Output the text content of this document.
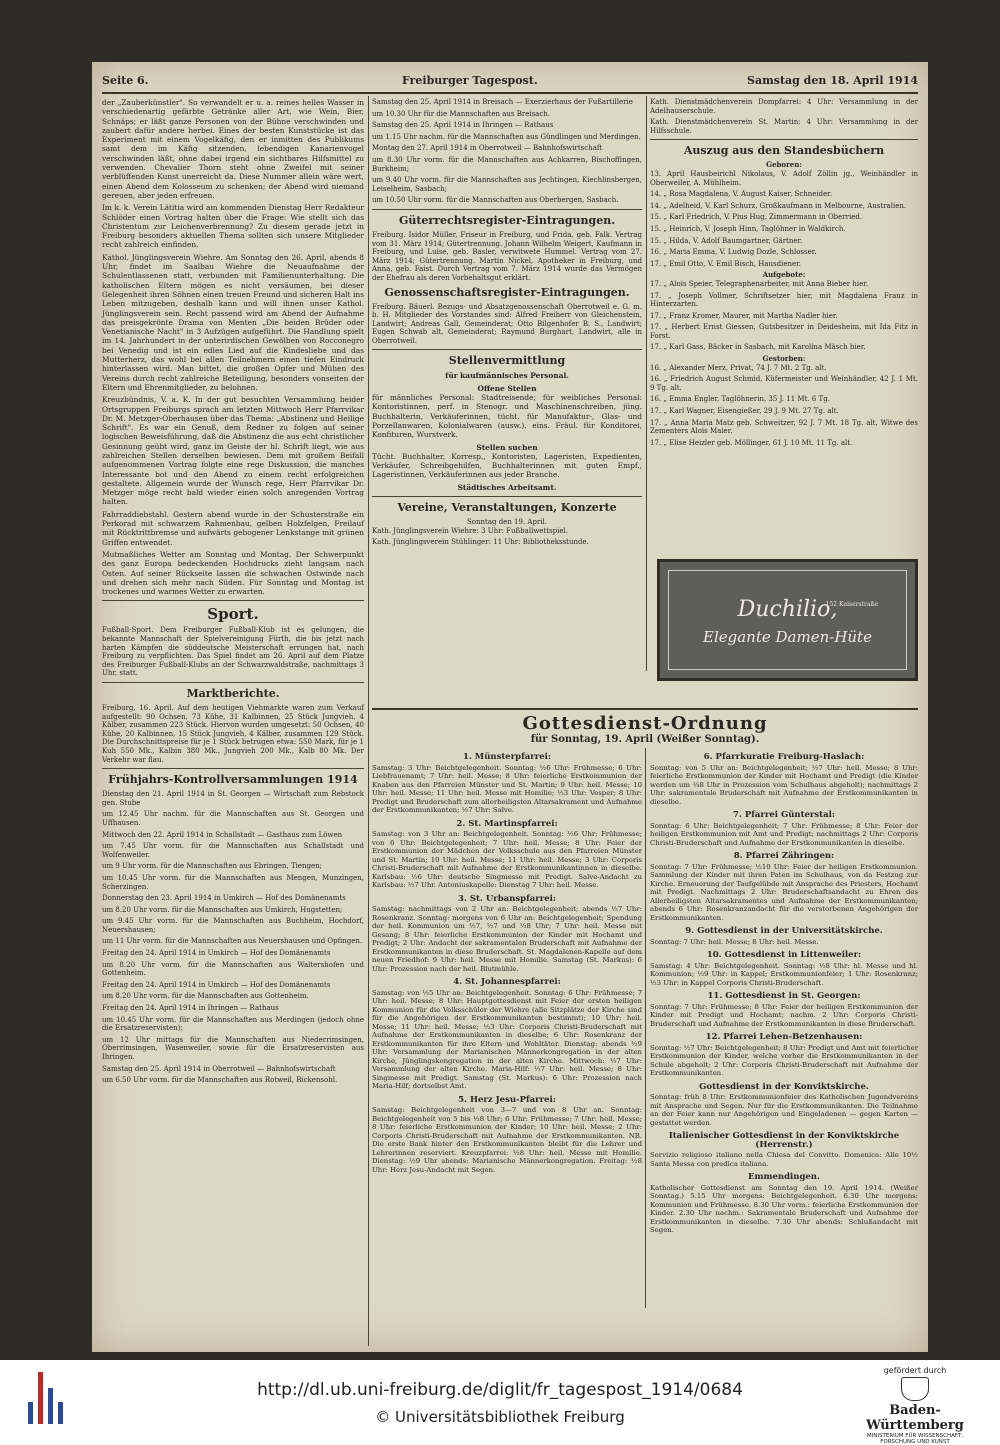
Seite 6.	Freiburger Tagespost.	Samstag den 18. April 1914

der „Zauberkünstler". So verwandelt er u. a. reines helles Wasser in verschiedenartig gefärbte Getränke aller Art, wie Wein, Bier, Schnäps; er läßt ganze Personen von der Bühne verschwinden und zaubert dafür andere herbei. Eines der besten Kunststücke ist das Experiment mit einem Vogelkäfig, den er inmitten des Publikums samt dem im Käfig sitzenden, lebendigen Kanarienvogel verschwinden läßt, ohne dabei irgend ein sichtbares Hilfsmittel zu verwenden. Chevalier Thorn steht ohne Zweifel mit seiner verblüffenden Kunst unerreicht da. Diese Nummer allein wäre wert, einen Abend dem Kolosseum zu schenken; der Abend wird niemand gereuen, aber jeden erfreuen.

Im k. k. Verein Lätitia wird am kommenden Dienstag Herr Redakteur Schlöder einen Vortrag halten über die Frage: Wie stellt sich das Christentum zur Leichenverbrennung? Zu diesem gerade jetzt in Freiburg besonders aktuellen Thema sollten sich unsere Mitglieder recht zahlreich einfinden.

Kathol. Jünglingsverein Wiehre. Am Sonntag den 26. April, abends 8 Uhr, findet im Saalbau Wiehre die Neuaufnahme der Schulentlassenen statt, verbunden mit Familienunterhaltung. Die katholischen Eltern mögen es nicht versäumen, bei dieser Gelegenheit ihren Söhnen einen treuen Freund und sicheren Halt ins Leben mitzugeben, deshalb kann und will ihnen unser Kathol. Jünglingsverein sein. Recht passend wird am Abend der Aufnahme das preisgekrönte Drama von Menten „Die beiden Brüder oder Venetianische Nacht" in 3 Aufzügen aufgeführt. Die Handlung spielt im 14. Jahrhundert in der unterirdischen Gewölben von Rocconegro bei Venedig und ist ein edles Lied auf die Kindesliebe und das Mutterherz, das wohl bei allen Teilnehmern einen tiefen Eindruck hinterlassen wird. Man bittet, die großen Opfer und Mühen des Vereins durch recht zahlreiche Beteiligung, besonders vonseiten der Eltern und Ehrenmitglieder, zu belohnen.

Kreuzbündnis, V. a. K. In der gut besuchten Versammlung beider Ortsgruppen Freiburgs sprach am letzten Mittwoch Herr Pfarrvikar Dr. M. Metzger-Oberhausen über das Thema: „Abstinenz und Heilige Schrift". Es war ein Genuß, dem Redner zu folgen auf seiner logischen Beweisführung, daß die Abstinenz die aus echt christlicher Gesinnung geübt wird, ganz im Geiste der hl. Schrift liegt, wie aus zahlreichen Stellen derselben bewiesen. Dem mit großem Beifall aufgenommenen Vortrag folgte eine rege Diskussion, die manches Interessante bot und den Abend zu einem recht erfolgreichen gestaltete. Allgemein wurde der Wunsch rege, Herr Pfarrvikar Dr. Metzger möge recht bald wieder einen solch anregenden Vortrag halten.

Fahrraddiebstahl. Gestern abend wurde in der Schusterstraße ein Perkorad mit schwarzem Rahmenbau, gelben Holzfelgen, Freilauf mit Rücktrittbremse und aufwärts gebogener Lenkstange mit grünen Griffen entwendet.

Mutmaßliches Wetter am Sonntag und Montag. Der Schwerpunkt des ganz Europa bedeckenden Hochdrucks zieht langsam nach Osten. Auf seiner Rückseite lassen die schwachen Ostwinde nach und drehen sich mehr nach Süden. Für Sonntag und Montag ist trockenes und warmes Wetter zu erwarten.

Sport.

Fußball-Sport. Dem Freiburger Fußball-Klub ist es gelungen, die bekannte Mannschaft der Spielvereinigung Fürth, die bis jetzt nach harten Kämpfen die süddeutsche Meisterschaft errungen hat, nach Freiburg zu verpflichten. Das Spiel findet am 26. April auf dem Platze des Freiburger Fußball-Klubs an der Schwarzwaldstraße, nachmittags 3 Uhr, statt.

Marktberichte.

Freiburg, 16. April. Auf dem heutigen Viehmarkte waren zum Verkauf aufgestellt: 90 Ochsen, 73 Kühe, 31 Kalbinnen, 25 Stück Jungvieh, 4 Kälber, zusammen 223 Stück. Hiervon wurden umgesetzt: 50 Ochsen, 40 Kühe, 20 Kalbinnen, 15 Stück Jungvieh, 4 Kälber, zusammen 129 Stück. Die Durchschnittspreise für je 1 Stück betrugen etwa: 550 Mark, für je 1 Kuh 550 Mk., Kalbin 380 Mk., Jungvieh 200 Mk., Kalb 80 Mk. Der Verkehr war flau.

Frühjahrs-Kontrollversammlungen 1914

Dienstag den 21. April 1914 in St. Georgen — Wirtschaft zum Rebstock gen. Stube

um 12.45 Uhr nachm. für die Mannschaften aus St. Georgen und Uffhausen.

Mittwoch den 22. April 1914 in Schallstadt — Gasthaus zum Löwen

um 7.45 Uhr vorm. für die Mannschaften aus Schallstadt und Wolfenweiler.

um 9 Uhr vorm. für die Mannschaften aus Ebringen, Tiengen;

um 10.45 Uhr vorm. für die Mannschaften aus Mengen, Munzingen, Scherzingen.

Donnerstag den 23. April 1914 in Umkirch — Hof des Domänenamts

um 8.20 Uhr vorm. für die Mannschaften aus Umkirch, Hugstetten;

um 9.45 Uhr vorm. für die Mannschaften aus Buchheim, Hochdorf, Neuershausen;

um 11 Uhr vorm. für die Mannschaften aus Neuershausen und Opfingen.

Freitag den 24. April 1914 in Umkirch — Hof des Domänenamts

um 8.20 Uhr vorm. für die Mannschaften aus Waltershofen und Gottenheim.

Freitag den 24. April 1914 in Umkirch — Hof des Domänenamts

um 8.20 Uhr vorm. für die Mannschaften aus Gottenheim.

Freitag den 24. April 1914 in Ihringen — Rathaus

um 10.45 Uhr vorm. für die Mannschaften aus Merdingen (jedoch ohne die Ersatzreservisten);

um 12 Uhr mittags für die Mannschaften aus Niederrimsingen, Oberrimsingen, Wasenweiler, sowie für die Ersatzreservisten aus Ihringen.

Samstag den 25. April 1914 in Oberrotweil — Bahnhofswirtschaft

um 6.50 Uhr vorm. für die Mannschaften aus Rotweil, Bickensohl.

Samstag den 25. April 1914 in Breisach — Exerzierhaus der Fußartillerie

um 10.30 Uhr für die Mannschaften aus Breisach.

Samstag den 25. April 1914 in Ihringen — Rathaus

um 1.15 Uhr nachm. für die Mannschaften aus Gündlingen und Merdingen.

Montag den 27. April 1914 in Oberrotweil — Bahnhofswirtschaft

um 8.30 Uhr vorm. für die Mannschaften aus Achkarren, Bischoffingen, Burkheim;

um 9.40 Uhr vorm. für die Mannschaften aus Jechtingen, Kiechlinsbergen, Leiselheim, Sasbach;

um 10.50 Uhr vorm. für die Mannschaften aus Oberbergen, Sasbach.

Güterrechtsregister-Eintragungen.

Freiburg. Isidor Müller, Friseur in Freiburg, und Frida, geb. Falk. Vertrag vom 31. März 1914; Gütertrennung. Johann Wilhelm Weigert, Kaufmann in Freiburg, und Luise, geb. Basler, verwitwete Hummel. Vertrag vom 27. März 1914; Gütertrennung. Martin Nickel, Apotheker in Freiburg, und Anna, geb. Faist. Durch Vertrag vom 7. März 1914 wurde das Vermögen der Ehefrau als deren Vorbehaltsgut erklärt.

Genossenschaftsregister-Eintragungen.

Freiburg. Bäuerl. Bezugs- und Absatzgenossenschaft Oberrotweil e. G. m. b. H. Mitglieder des Vorstandes sind: Alfred Freiherr von Gleichenstein, Landwirt; Andreas Gall, Gemeinderat; Otto Bilgenhofer B. S., Landwirt; Eugen Schwab alt, Gemeinderat; Raymund Burghart, Landwirt, alle in Oberrotweil.

Stellenvermittlung
für kaufmännisches Personal.
Offene Stellen

für männliches Personal: Stadtreisende; für weibliches Personal: Kontoristinnen, perf. in Stenogr. und Maschinenschreiben, jüng. Buchhalterin, Verkäuferinnen, tücht. für Manufaktur-, Glas- und Porzellanwaren, Kolonialwaren (ausw.), eins. Fräul. für Konditorei, Konfituren, Wurstverk.

Stellen suchen

Tücht. Buchhalter, Korresp., Kontoristen, Lageristen, Expedienten, Verkäufer, Schreibgehilfen, Buchhalterinnen mit guten Empf., Lageristinnen, Verkäuferinnen aus jeder Branche.

Städtisches Arbeitsamt.
Vereine, Veranstaltungen, Konzerte
Sonntag den 19. April.

Kath. Jünglingsverein Wiehre: 3 Uhr: Fußballwettspiel.

Kath. Jünglingsverein Stühlinger: 11 Uhr: Bibliotheksstunde.

Kath. Dienstmädchenverein Dompfarrei: 4 Uhr: Versammlung in der Adelhauserschule.

Kath. Dienstmädchenverein St. Martin: 4 Uhr: Versammlung in der Hilfsschule.

Auszug aus den Standesbüchern
Geboren:

13. April Hausbeirichl Nikolaus, V. Adolf Zöllin jg., Weinhändler in Oberweiler, A. Mühlheim.

14. „ Rosa Magdalena, V. August Kaiser, Schneider.

14. „ Adelheid, V. Karl Schurz, Großkaufmann in Melbourne, Australien.

15. „ Karl Friedrich, V. Pius Hug, Zimmermann in Oberried.

15. „ Heinrich, V. Joseph Hinn, Taglöhner in Waldkirch.

15. „ Hilda, V. Adolf Baumgartner, Gärtner.

16. „ Maria Emma, V. Ludwig Dozle, Schlosser.

17. „ Emil Otto, V. Emil Bisch, Hausdiener.

Aufgebote:

17. „ Alois Speier, Telegraphenarbeiter, mit Anna Bieber hier.

17. „ Joseph Vollmer, Schriftsetzer hier, mit Magdalena Franz in Hinterzarten.

17. „ Franz Kromer, Maurer, mit Martha Nadler hier.

17. „ Herbert Ernst Giessen, Gutsbesitzer in Deidesheim, mit Ida Fitz in Forst.

17. „ Karl Gass, Bäcker in Sasbach, mit Karolina Mäsch hier.

Gestorben:

16. „ Alexander Merz, Privat, 74 J. 7 Mt. 2 Tg. alt.

16. „ Friedrich August Schmid, Küfermeister und Weinhändler, 42 J. 1 Mt. 9 Tg. alt.

16. „ Emma Engler, Taglöhnerin, 35 J. 11 Mt. 6 Tg.

17. „ Karl Wagner, Eisengießer, 29 J. 9 Mt. 27 Tg. alt.

17. „ Anna Maria Matz geb. Schweitzer, 92 J. 7 Mt. 18 Tg. alt, Witwe des Zementers Alois Maier.

17. „ Elise Heizler geb. Möllinger, 61 J. 10 Mt. 11 Tg. alt.

152 Kaiserstraße
Duchilio,
Elegante Damen-Hüte
Gottesdienst-Ordnung
für Sonntag, 19. April (Weißer Sonntag).
1. Münsterpfarrei:

Samstag: 3 Uhr: Beichtgelegenheit. Sonntag: ½6 Uhr: Frühmesse; 6 Uhr: Liebfrauenamt; 7 Uhr: heil. Messe; 8 Uhr: feierliche Erstkommunion der Knaben aus den Pfarreien Münster und St. Martin; 9 Uhr: heil. Messe; 10 Uhr: heil. Messe; 11 Uhr: heil. Messe mit Homilie; ½3 Uhr: Vesper; 8 Uhr: Predigt und Bruderschaft zum allerheiligsten Altarsakrament und Aufnahme der Erstkommunikanten; ½7 Uhr: Salve.

2. St. Martinspfarrei:

Samstag: von 3 Uhr an: Beichtgelegenheit. Sonntag: ½6 Uhr: Frühmesse; von 6 Uhr: Beichtgelegenheit; 7 Uhr: heil. Messe; 8 Uhr: Feier der Erstkommunion der Mädchen der Volksschule aus den Pfarreien Münster und St. Martin; 10 Uhr: heil. Messe; 11 Uhr: heil. Messe; 3 Uhr: Corporis Christi-Bruderschaft mit Aufnahme der Erstkommunikantinnen in dieselbe. Karlsbau: ½6 Uhr: deutsche Singmesse mit Predigt. Salve-Andacht zu Karlsbau: ½7 Uhr. Antoniuskapelle: Dienstag 7 Uhr: heil. Messe.

3. St. Urbanspfarrei:

Samstag: nachmittags von 2 Uhr an: Beichtgelegenheit; abends ½7 Uhr: Rosenkranz. Sonntag: morgens von 6 Uhr an: Beichtgelegenheit; Spendung der heil. Kommunion um ½7, ½7 und ½8 Uhr; 7 Uhr: heil. Messe mit Gesang; 8 Uhr: feierliche Erstkommunion der Kinder mit Hochamt und Predigt; 2 Uhr: Andacht der sakramentalen Bruderschaft mit Aufnahme der Erstkommunikanten in diese Bruderschaft. St. Magdalenen-Kapelle auf dem neuen Friedhof: 9 Uhr: heil. Messe mit Homilie. Samstag (St. Markus): 6 Uhr: Prozession nach der heil. Blutmühle.

4. St. Johannespfarrei:

Samstag: von ½5 Uhr an: Beichtgelegenheit. Sonntag: 6 Uhr: Frühmesse; 7 Uhr: heil. Messe; 8 Uhr: Hauptgottesdienst mit Feier der ersten heiligen Kommunion für die Volksschüler der Wiehre (alle Sitzplätze der Kirche sind für die Angehörigen der Erstkommunikanten bestimmt); 10 Uhr: heil. Messe; 11 Uhr: heil. Messe; ½3 Uhr: Corporis Christi-Bruderschaft mit Aufnahme der Erstkommunikanten in dieselbe; 6 Uhr: Rosenkranz der Erstkommunikanten für ihre Eltern und Wohltäter. Dienstag: abends ½9 Uhr: Versammlung der Marianischen Männerkongregation in der alten Kirche, Jünglingskongregation in der alten Kirche. Mittwoch: ½7 Uhr: Versammlung der alten Kirche. Maria-Hilf: ½7 Uhr: heil. Messe; 8 Uhr: Singmesse mit Predigt. Samstag (St. Markus): 6 Uhr: Prozession nach Maria-Hilf; dortselbst Amt.

5. Herz Jesu-Pfarrei:

Samstag: Beichtgelegenheit von 3—7 und von 8 Uhr an. Sonntag: Beichtgelegenheit von 5 bis ½8 Uhr; 6 Uhr: Frühmesse; 7 Uhr: heil. Messe; 8 Uhr: feierliche Erstkommunion der Kinder; 10 Uhr: heil. Messe; 2 Uhr: Corporis Christi-Bruderschaft mit Aufnahme der Erstkommunikanten. NB. Die erste Bank hinter den Erstkommunikanten bleibt für die Lehrer und Lehrerinnen reserviert. Kreuzpfarrei: ½8 Uhr: heil. Messe mit Homilie. Dienstag: ½9 Uhr abends: Marianische Männerkongregation. Freitag: ½8 Uhr: Herz Jesu-Andacht mit Segen.

6. Pfarrkuratie Freiburg-Haslach:

Sonntag: von 5 Uhr an: Beichtgelegenheit; ½7 Uhr: heil. Messe; 8 Uhr: feierliche Erstkommunion der Kinder mit Hochamt und Predigt (die Kinder werden um ¼8 Uhr in Prozession vom Schulhaus abgeholt); nachmittags 2 Uhr: sakramentale Bruderschaft mit Aufnahme der Erstkommunikanten in dieselbe.

7. Pfarrei Günterstal:

Sonntag: 6 Uhr: Beichtgelegenheit; 7 Uhr: Frühmesse; 8 Uhr: Feier der heiligen Erstkommunion mit Amt und Predigt; nachmittags 2 Uhr: Corporis Christi-Bruderschaft und Aufnahme der Erstkommunikanten in dieselbe.

8. Pfarrei Zähringen:

Sonntag: 7 Uhr: Frühmesse; ½10 Uhr: Feier der heiligen Erstkommunion. Sammlung der Kinder mit ihren Paten im Schulhaus, von da Festzug zur Kirche. Erneuerung der Taufgelübde mit Ansprache des Priesters, Hochamt mit Predigt. Nachmittags 2 Uhr: Bruderschaftsandacht zu Ehren des Allerheiligsten Altarsakramentes und Aufnahme der Erstkommunikanten; abends 6 Uhr: Rosenkranzandacht für die verstorbenen Angehörigen der Erstkommunikanten.

9. Gottesdienst in der Universitätskirche.

Sonntag: 7 Uhr: heil. Messe; 8 Uhr: heil. Messe.

10. Gottesdienst in Littenweiler:

Samstag: 4 Uhr: Beichtgelegenheit. Sonntag: ½8 Uhr: hl. Messe und hl. Kommunion; ½9 Uhr: in Kappel; Erstkommunionfeier; 1 Uhr: Rosenkranz; ½3 Uhr: in Kappel Corporis Christi-Bruderschaft.

11. Gottesdienst in St. Georgen:

Sonntag: 7 Uhr: Frühmesse; 8 Uhr: Feier der heiligen Erstkommunion der Kinder mit Predigt und Hochamt; nachm. 2 Uhr: Corporis Christi-Bruderschaft und Aufnahme der Erstkommunikanten in diese Bruderschaft.

12. Pfarrei Lehen-Betzenhausen:

Sonntag: ½7 Uhr: Beichtgelegenheit; 8 Uhr: Predigt und Amt mit feierlicher Erstkommunion der Kinder, welche vorher die Erstkommunikanten in der Schule abgeholt; 2 Uhr: Corporis Christi-Bruderschaft mit Aufnahme der Erstkommunikanten.

Gottesdienst in der Konviktskirche.

Sonntag: früh 8 Uhr: Erstkommunionfeier des Katholischen Jugendvereins mit Ansprache und Segen. Nur für die Erstkommunikanten. Die Teilnahme an der Feier kann nur Angehörigen und Eingeladenen — gegen Karten — gestattet werden.

Italienischer Gottesdienst in der Konviktskirche (Herrenstr.)

Servizio religioso italiano nella Chiesa del Convitto. Domenica: Alle 10½ Santa Messa con predica italiana.

Emmendingen.

Katholischer Gottesdienst am Sonntag den 19. April 1914. (Weißer Sonntag.) 5.15 Uhr morgens: Beichtgelegenheit. 6.30 Uhr morgens: Kommunion und Frühmesse. 8.30 Uhr vorm.: feierliche Erstkommunion der Kinder. 2.30 Uhr nachm.: Sakramentale Bruderschaft und Aufnahme der Erstkommunikanten in dieselbe. 7.30 Uhr abends: Schlußandacht mit Segen.

http://dl.ub.uni-freiburg.de/diglit/fr_tagespost_1914/0684
© Universitätsbibliothek Freiburg
gefördert durch
Baden-Württemberg
MINISTERIUM FÜR WISSENSCHAFT, FORSCHUNG UND KUNST
